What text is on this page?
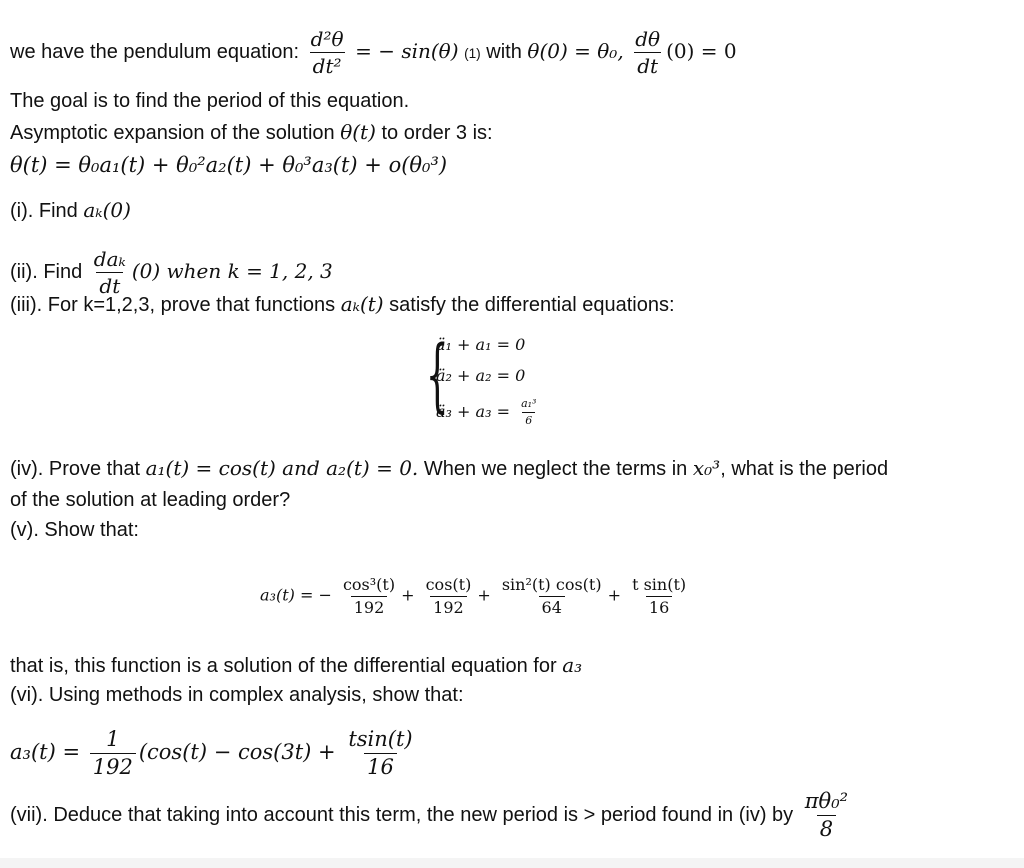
we have the pendulum equation: $\frac{\text{d²θ}}{\text{dt²}}$ = − sin(θ) (1) with θ(0) = θ₀, $\frac{d\theta}{dt} (0) = 0$
The goal is to find the period of this equation.
Asymptotic expansion of the solution θ(t) to order 3 is:
θ(t) = θ₀a₁(t) + θ₀²a₂(t) + θ₀³a₃(t) + o(θ₀³)
(i). Find aₖ(0)
(ii). Find $\frac{\text{daₖ}}{dt} (0)$ when k = 1, 2, 3
(iii). For k=1,2,3, prove that functions aₖ(t) satisfy the differential equations:
{
ä₁ + a₁ = 0
ä₂ + a₂ = 0
ä₃ + $a_3 = \frac{\text{a₁³}}{6}$
(iv). Prove that a₁(t) = cos(t) and a₂(t) = 0. When we neglect the terms in x₀³, what is the period
of the solution at leading order?
(v). Show that:
a₃(t) = − $\frac{\text{cos³(t)}}{192} + \frac{\cos(t)}{192} + \frac{\text{sin²(t) cos(t)}}{64} + \frac{\text{t sin(t)}}{16}$
that is, this function is a solution of the differential equation for a₃
(vi). Using methods in complex analysis, show that:
$a_3(t) = \frac{1}{192} (\cos(t) - \cos(3t) + \frac{tsin(t)}{16}$
(vii). Deduce that taking into account this term, the new period is > period found in (iv) by $\frac{\text{πθ₀²}}{8}$
